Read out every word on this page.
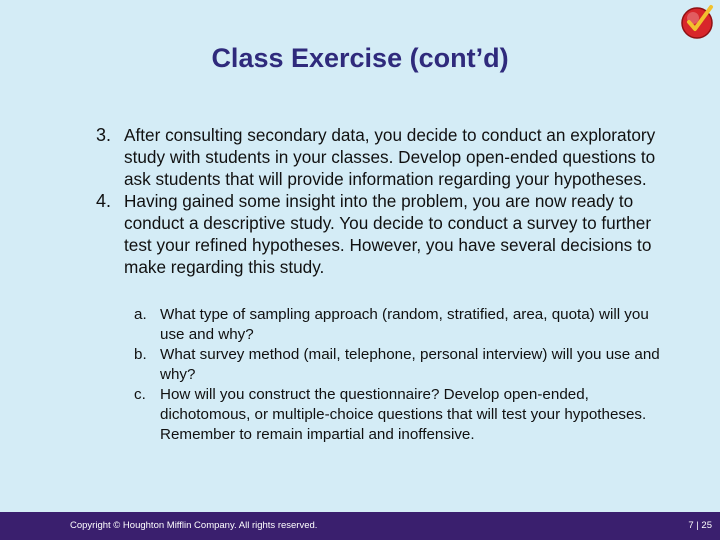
Class Exercise (cont’d)
3. After consulting secondary data, you decide to conduct an exploratory study with students in your classes. Develop open‑ended questions to ask students that will provide information regarding your hypotheses.
4. Having gained some insight into the problem, you are now ready to conduct a descriptive study. You decide to conduct a survey to further test your refined hypotheses. However, you have several decisions to make regarding this study.
a. What type of sampling approach (random, stratified, area, quota) will you use and why?
b. What survey method (mail, telephone, personal interview) will you use and why?
c. How will you construct the questionnaire? Develop open‑ended, dichotomous, or multiple‑choice questions that will test your hypotheses. Remember to remain impartial and inoffensive.
Copyright © Houghton Mifflin Company. All rights reserved.	7 | 25
